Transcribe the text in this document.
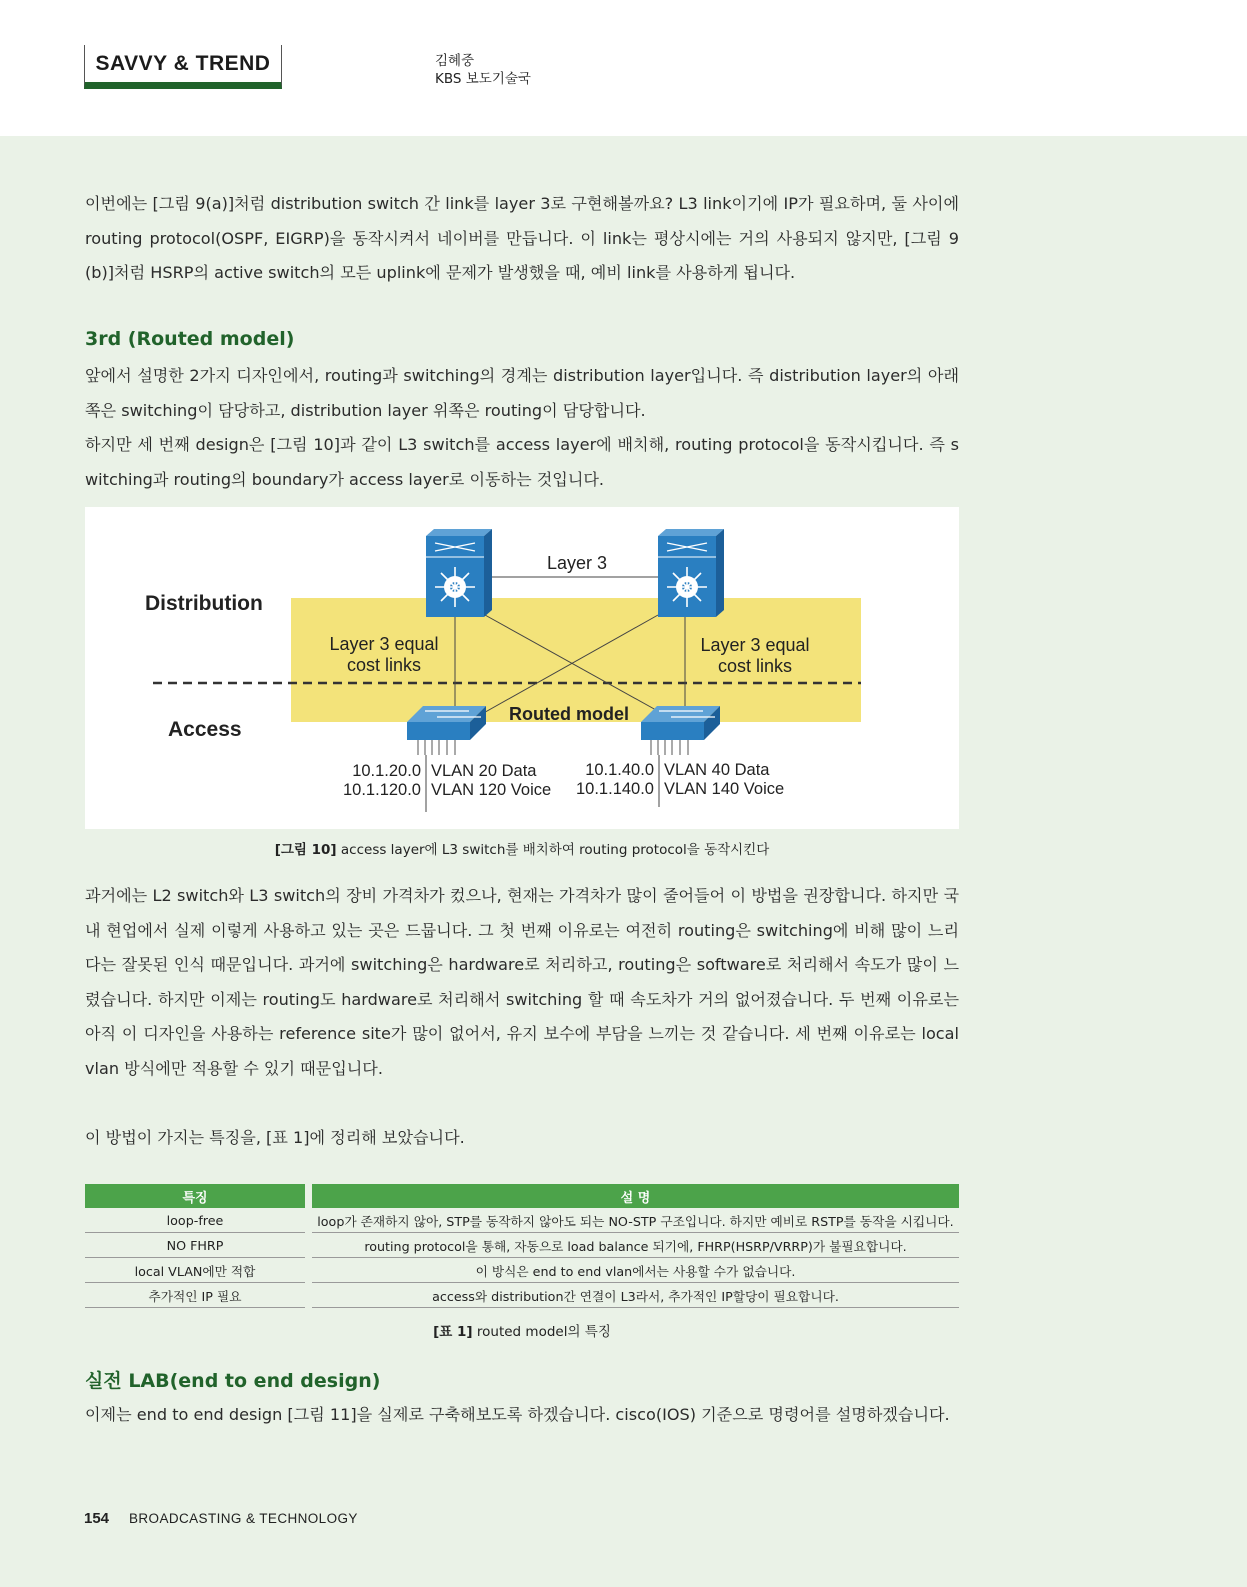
SAVVY & TREND	김혜중
KBS 보도기술국

이번에는 [그림 9(a)]처럼 distribution switch 간 link를 layer 3로 구현해볼까요? L3 link이기에 IP가 필요하며, 둘 사이에 routing protocol(OSPF, EIGRP)을 동작시켜서 네이버를 만듭니다. 이 link는 평상시에는 거의 사용되지 않지만, [그림 9(b)]처럼 HSRP의 active switch의 모든 uplink에 문제가 발생했을 때, 예비 link를 사용하게 됩니다.

3rd (Routed model)

앞에서 설명한 2가지 디자인에서, routing과 switching의 경계는 distribution layer입니다. 즉 distribution layer의 아래쪽은 switching이 담당하고, distribution layer 위쪽은 routing이 담당합니다.

하지만 세 번째 design은 [그림 10]과 같이 L3 switch를 access layer에 배치해, routing protocol을 동작시킵니다. 즉 switching과 routing의 boundary가 access layer로 이동하는 것입니다.

Layer 3
Distribution
Access
Layer 3 equal
cost links
Layer 3 equal
cost links
Routed model
10.1.20.0 VLAN 20 Data
10.1.120.0 VLAN 120 Voice
10.1.40.0 VLAN 40 Data
10.1.140.0 VLAN 140 Voice
[그림 10] access layer에 L3 switch를 배치하여 routing protocol을 동작시킨다

과거에는 L2 switch와 L3 switch의 장비 가격차가 컸으나, 현재는 가격차가 많이 줄어들어 이 방법을 권장합니다. 하지만 국내 현업에서 실제 이렇게 사용하고 있는 곳은 드뭅니다. 그 첫 번째 이유로는 여전히 routing은 switching에 비해 많이 느리다는 잘못된 인식 때문입니다. 과거에 switching은 hardware로 처리하고, routing은 software로 처리해서 속도가 많이 느렸습니다. 하지만 이제는 routing도 hardware로 처리해서 switching 할 때 속도차가 거의 없어졌습니다. 두 번째 이유로는 아직 이 디자인을 사용하는 reference site가 많이 없어서, 유지 보수에 부담을 느끼는 것 같습니다. 세 번째 이유로는 local vlan 방식에만 적용할 수 있기 때문입니다.

이 방법이 가지는 특징을, [표 1]에 정리해 보았습니다.

특징	설 명
loop-free	loop가 존재하지 않아, STP를 동작하지 않아도 되는 NO-STP 구조입니다. 하지만 예비로 RSTP를 동작을 시킵니다.
NO FHRP	routing protocol을 통해, 자동으로 load balance 되기에, FHRP(HSRP/VRRP)가 불필요합니다.
local VLAN에만 적합	이 방식은 end to end vlan에서는 사용할 수가 없습니다.
추가적인 IP 필요	access와 distribution간 연결이 L3라서, 추가적인 IP할당이 필요합니다.
[표 1] routed model의 특징
실전 LAB(end to end design)

이제는 end to end design [그림 11]을 실제로 구축해보도록 하겠습니다. cisco(IOS) 기준으로 명령어를 설명하겠습니다.

154 BROADCASTING & TECHNOLOGY
